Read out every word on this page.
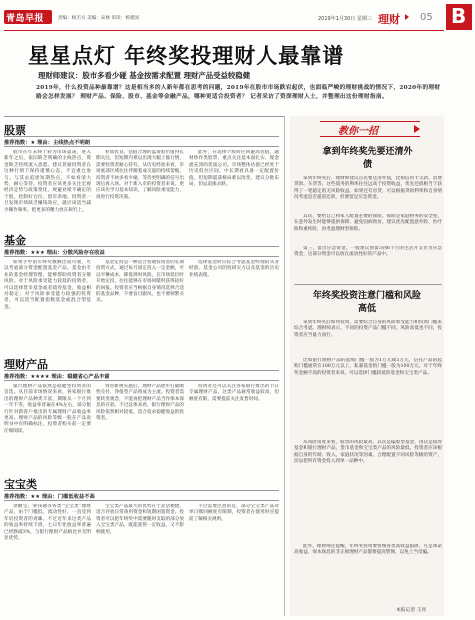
青岛早报	责编：杨丕方 美编：宋林 审读：杨建国	2019年1月30日 星期三 理财 05 B
星星点灯 年终奖投理财人最靠谱
理财师建议：股市多看少碰 基金按需求配置 理财产品受益较稳健
2019年，什么投资品种最靠谱？这是相当多的人新年都在思考的问题，2019年在股市市场跌宕起伏，也面临严峻的理财挑战的情况下，2020年的理财路会怎样发展？ 理财产品、保险、股市、基金等金融产品，哪种更适合投资者？ 记者采访了资深理财人士，并整理出这份理财指南。
股票
推荐指数：★ 理由：主线热点不明朗
股市在年末终于转为市场震荡，进入新年之后，依旧缺乏明确的主线热点，资金缺乏持续流入意愿。建议普通投资者在这种行情下保持谨慎心态，不宜重仓参与。与其去追逐短期热点，不如看清大势，耐心等待。投资者应该更多关注宏观经济走势与政策变化，规避业绩不确定的个股，控制好仓位，留有余地。投资者一旦发现市场缺乏赚钱效应，就应该适当减少操作频率，把更多的精力放在研究上。
业绩优良、估值合理的蓝筹股仍值得长期关注，但短期内难以出现大幅上涨行情，需要投资者耐心持有。从历史经验来看，市场底部区域往往伴随着成交量的持续萎缩，投资者不妨多看少碰，等待更明确的信号出现后再入场。对于新入市的投资者来说，更应该先学习基本知识，了解风险承受能力，再进行投资决策。
此外，在选择个股时应回避高估值、题材炒作类股票，重点关注基本面扎实、现金流充沛的优质公司。市场整体估值已经处于历史低位区间，中长期看具备一定配置价值，但短期震荡格局难以改变，建议分批布局，切忌追涨杀跌。
基金
推荐指数：★★★ 理由：分散风险存在收益
如果手中的年终奖数额比较可观，可以考虑部分资金配置基金产品。基金由专业的基金经理管理，能够帮助投资者分散风险。对于风险承受能力较低的投资者，可以选择货币基金或者债券基金，收益相对稳定；对于风险承受能力较强的投资者，可以适当配置指数基金或混合型基金。
基金定投是一种适合普通投资者的长期投资方式，通过每月固定投入一定金额，可以平摊成本，降低择时风险。在市场低位时开始定投，往往能够在市场回暖时获得较好的回报。投资者应当根据自身情况选择合适的基金品种，不要盲目跟风，也不要频繁买卖。
选择基金时应综合考虑基金经理的从业经验、基金公司的投研实力以及基金的历史业绩表现。
理财产品
推荐指数：★★★★ 理由：稳健省心产品丰富
银行理财产品依然是稳健型投资者的首选。从目前市场情况来看，各家银行推出的理财产品种类丰富，期限从一个月到一年不等，收益率普遍在4%左右，部分银行针对新客户推出的专属理财产品收益率更高。理财产品的风险等级一般在产品说明书中有明确标注，投资者购买前一定要仔细阅读。
资管新规实施后，理财产品逐步打破刚性兑付，净值型产品将成为主流。投资者需要转变观念，不能再把理财产品当作保本保息的存款。不过总体来看，银行理财产品的风险依然相对较低，适合追求稳健收益的投资者。
投资者还可以关注各家银行推出的节日专属理财产品，这类产品通常收益较高，但额度有限，需要提前关注发售时间。
宝宝类
推荐指数：★★ 理由：门槛低收益不高
余额宝、零钱通等各类“宝宝类”理财产品，由于门槛低、流动性好，一直受到年轻投资者的青睐。不过近年来这类产品的收益率持续下滑，七日年化收益率普遍已经跌破3%，与银行理财产品相比并无明显优势。
宝宝类产品最大的优势在于灵活便捷，适合存放日常备用资金和短期闲置资金。投资者可以把年终奖中需要随时支取的部分放入宝宝类产品，既能获得一定收益，又不影响使用。
不过需要注意的是，部分宝宝类产品对单日赎回额度有限制，投资者在使用时应提前了解相关规则。
教你一招
拿到年终奖先要还清外债
拿到年终奖后，理财师建议首先要还清外债，比如信用卡欠款、消费贷款、车贷等。这些债务的利率往往远高于投资收益，优先还债相当于获得了一笔稳定的无风险收益。如果还有房贷，可以根据贷款利率和自身情况考虑是否提前还款，但要留足应急资金。
其次，要给自己和家人配置必要的保险。保险是家庭财务的安全垫，在意外发生时能够提供保障，避免因病致贫。建议优先配置意外险、医疗险和重疾险，再考虑理财型保险。
第三，留出应急资金。一般建议预留3到6个月的生活开支作为应急资金，这部分资金可以放在流动性好的产品中。
年终奖投资注意门槛和风险高低
拿到年终奖后如何投资，需要结合自身的风险承受能力和投资门槛来综合考虑。理财师表示，不同的投资产品门槛不同、风险高低也不同，投资者应当量力而行。
比如银行理财产品的起购门槛一般为1万元或5万元，信托产品的起购门槛通常在100万元以上，私募基金的门槛一般为100万元。对于年终奖金额不高的投资者来说，可以选择门槛较低的基金和宝宝类产品。
从风险角度来看，股票的风险最高，其次是偏股型基金，再次是债券基金和银行理财产品，货币基金和宝宝类产品的风险最低。投资者应该根据自身的年龄、收入、家庭状况等因素，合理配置不同风险等级的资产，切忌把所有资金投入到单一品种中。
此外，理财师还提醒，年终奖投资要警惕各类高收益陷阱，凡是承诺高收益、保本保息的非正规理财产品都要提高警惕，以免上当受骗。
本报记者 王亮
